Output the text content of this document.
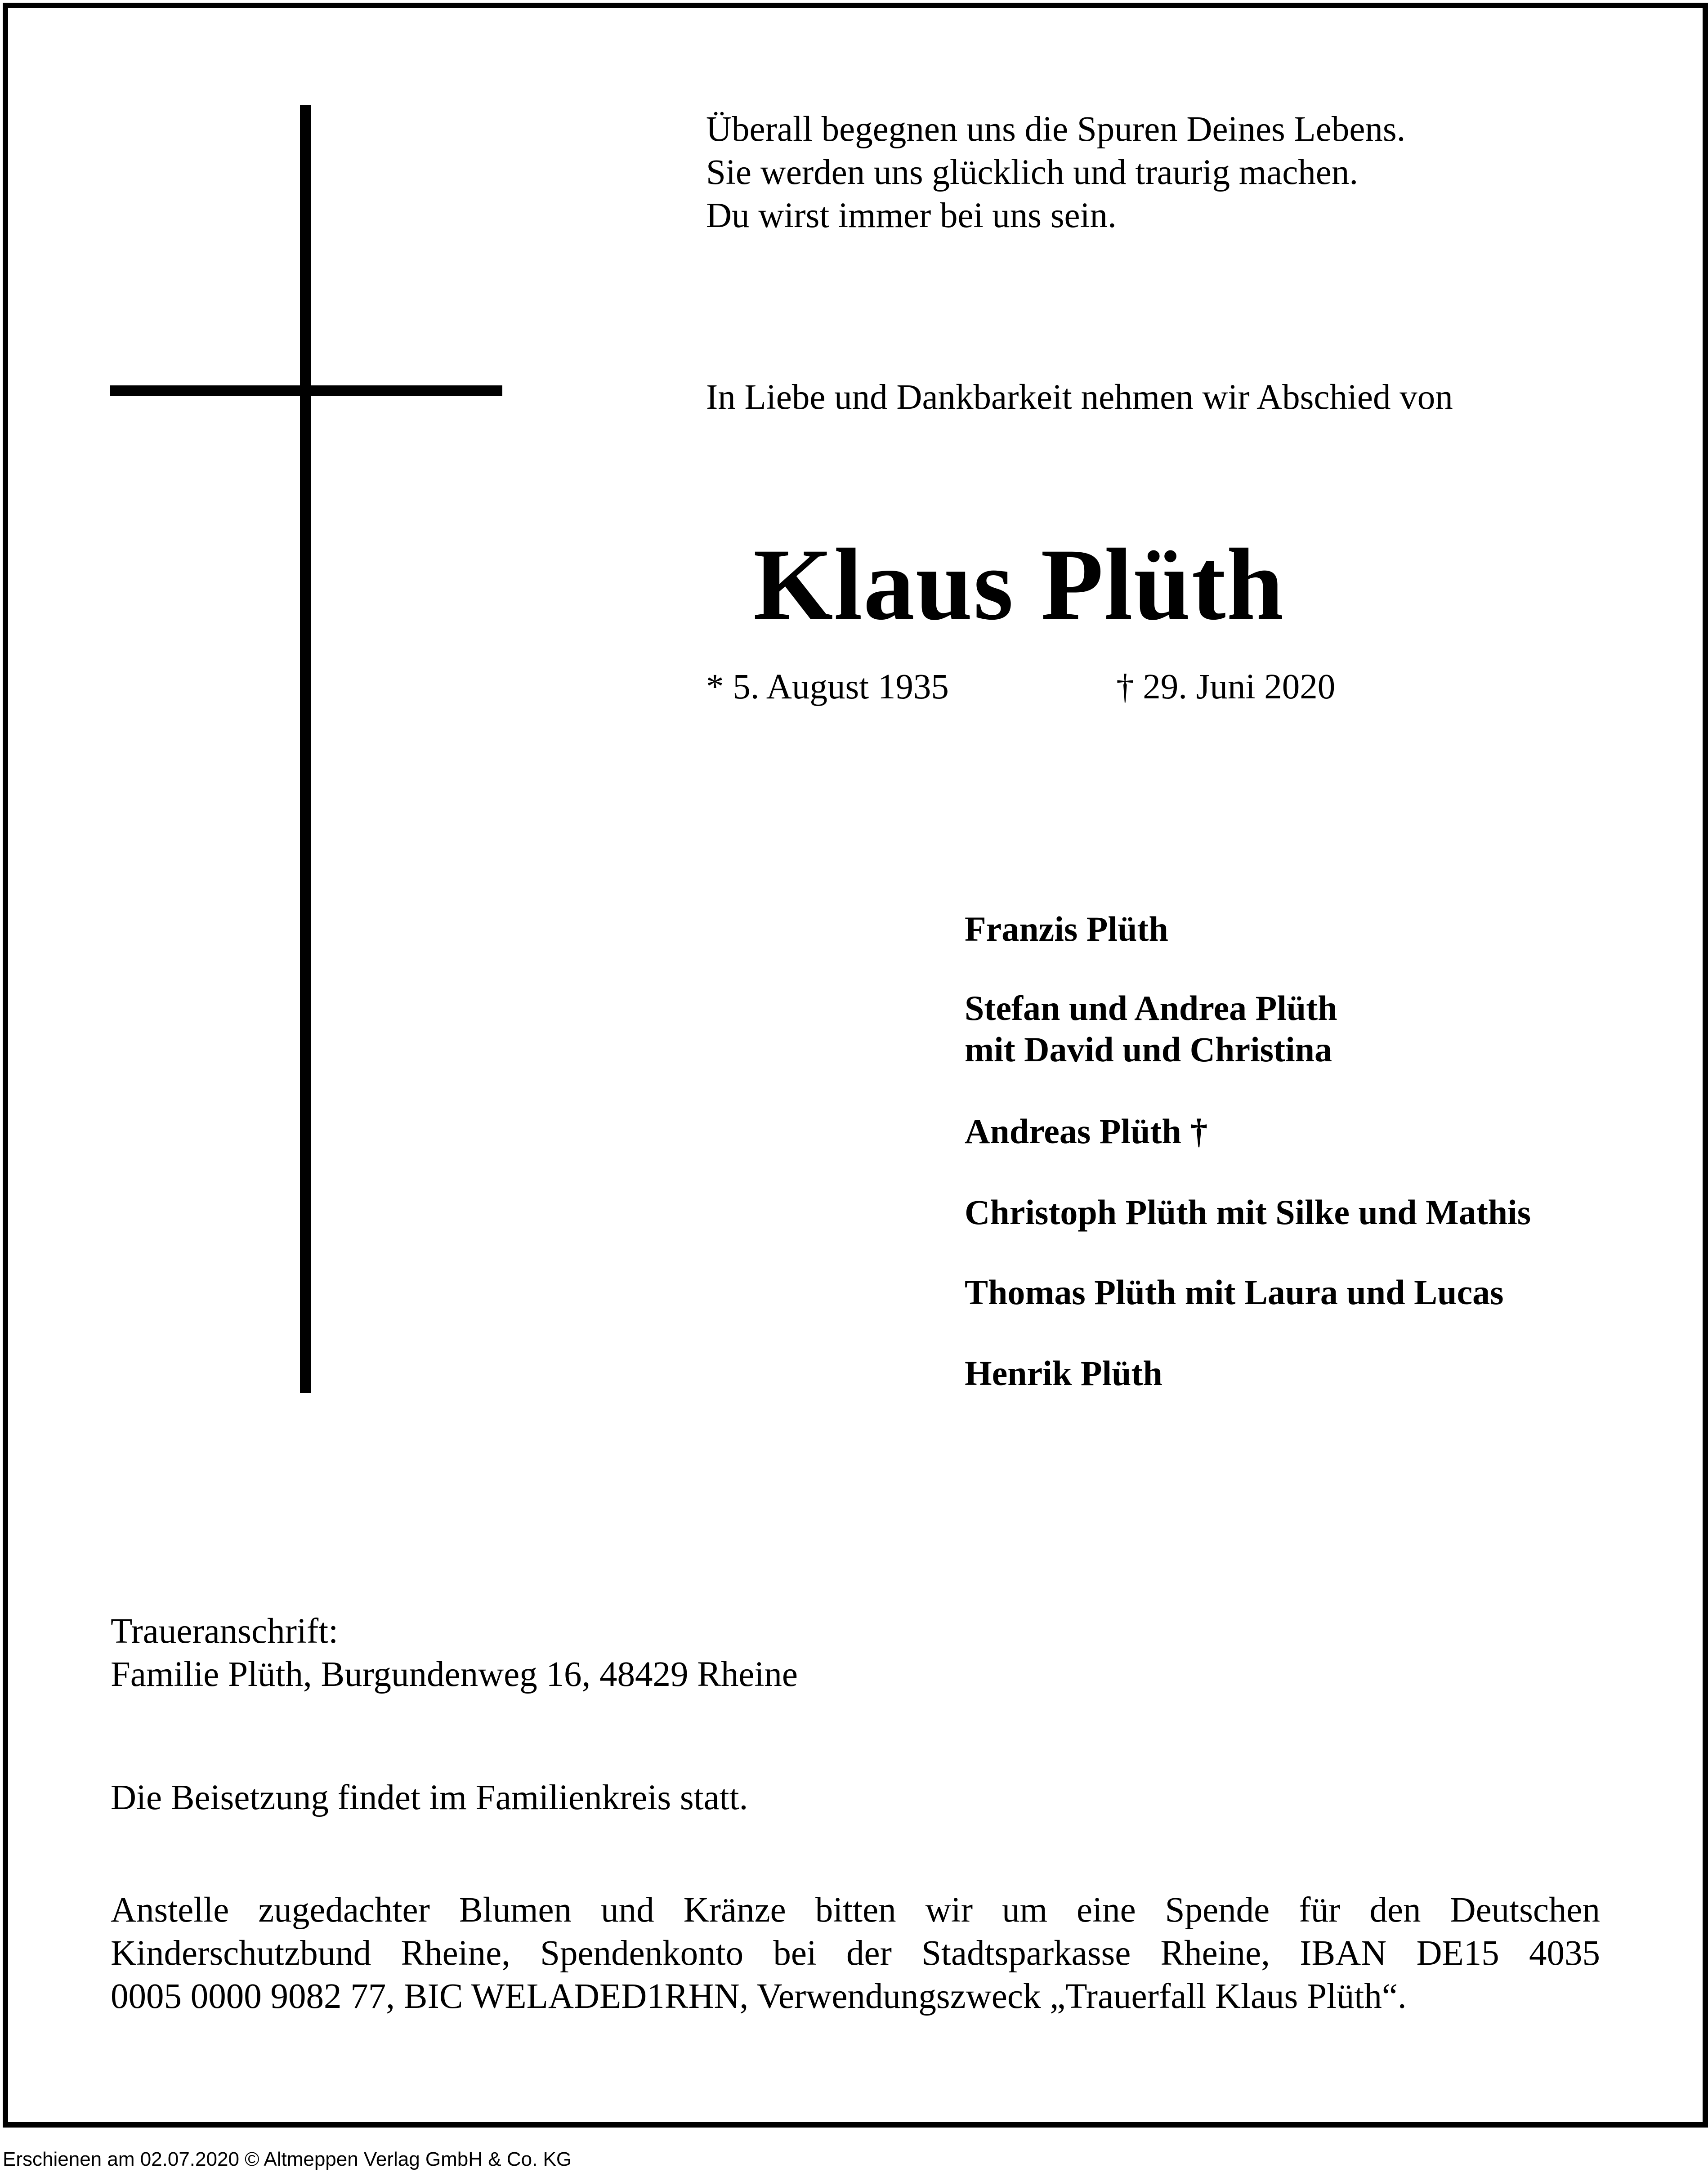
Überall begegnen uns die Spuren Deines Lebens.
Sie werden uns glücklich und traurig machen.
Du wirst immer bei uns sein.
In Liebe und Dankbarkeit nehmen wir Abschied von
Klaus Plüth
* 5. August 1935	† 29. Juni 2020
Franzis Plüth
Stefan und Andrea Plüth
mit David und Christina
Andreas Plüth †
Christoph Plüth mit Silke und Mathis
Thomas Plüth mit Laura und Lucas
Henrik Plüth
Traueranschrift:
Familie Plüth, Burgundenweg 16, 48429 Rheine
Die Beisetzung findet im Familienkreis statt.
Anstelle zugedachter Blumen und Kränze bitten wir um eine Spende für den Deutschen
Kinderschutzbund Rheine, Spendenkonto bei der Stadtsparkasse Rheine, IBAN DE15 4035
0005 0000 9082 77, BIC WELADED1RHN, Verwendungszweck „Trauerfall Klaus Plüth“.
Erschienen am 02.07.2020 © Altmeppen Verlag GmbH & Co. KG
